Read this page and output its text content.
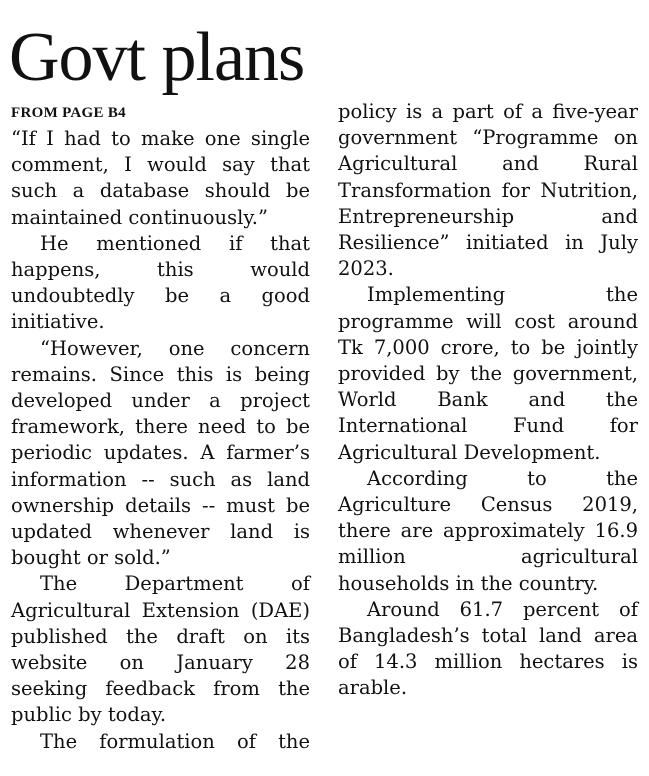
Govt plans
FROM PAGE B4

“If I had to make one single comment, I would say that such a database should be maintained continuously.”

He mentioned if that happens, this would undoubtedly be a good initiative.

“However, one concern remains. Since this is being developed under a project framework, there need to be periodic updates. A farmer’s information -- such as land ownership details -- must be updated whenever land is bought or sold.”

The Department of Agricultural Extension (DAE) published the draft on its website on January 28 seeking feedback from the public by today.

The formulation of the

policy is a part of a five-year government “Programme on Agricultural and Rural Transformation for Nutrition, Entrepreneurship and Resilience” initiated in July 2023.

Implementing the programme will cost around Tk 7,000 crore, to be jointly provided by the government, World Bank and the International Fund for Agricultural Development.

According to the Agriculture Census 2019, there are approximately 16.9 million agricultural households in the country.

Around 61.7 percent of Bangladesh’s total land area of 14.3 million hectares is arable.
